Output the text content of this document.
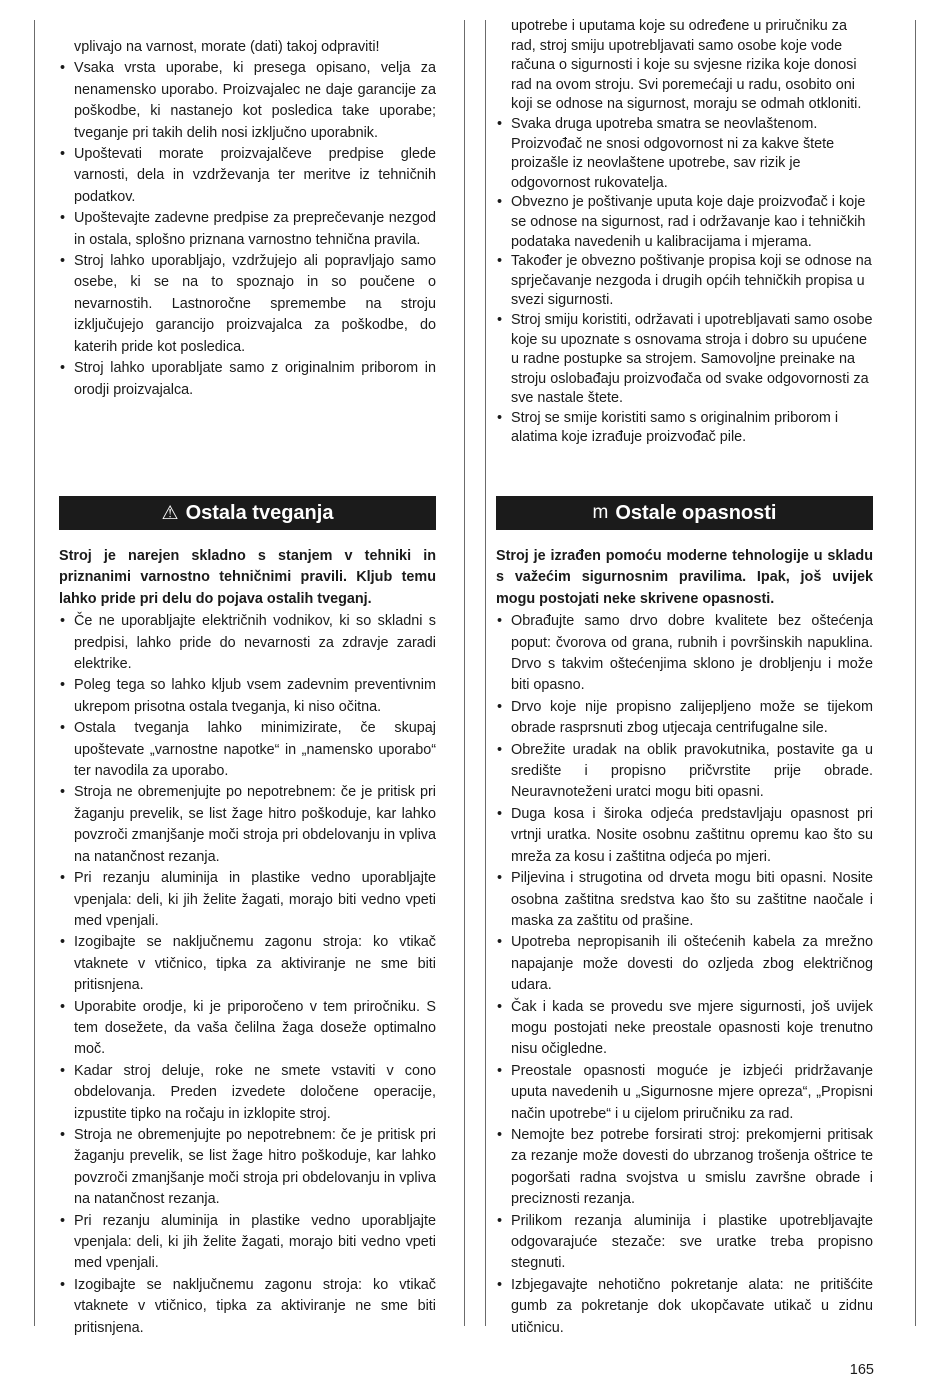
vplivajo na varnost, morate (dati) takoj odpraviti!
• Vsaka vrsta uporabe, ki presega opisano, velja za nenamensko uporabo. Proizvajalec ne daje garancije za poškodbe, ki nastanejo kot posledica take uporabe; tveganje pri takih delih nosi izključno uporabnik.
• Upoštevati morate proizvajalčeve predpise glede varnosti, dela in vzdrževanja ter meritve iz tehničnih podatkov.
• Upoštevajte zadevne predpise za preprečevanje nezgod in ostala, splošno priznana varnostno tehnična pravila.
• Stroj lahko uporabljajo, vzdržujejo ali popravljajo samo osebe, ki se na to spoznajo in so poučene o nevarnostih. Lastnoročne spremembe na stroju izključujejo garancijo proizvajalca za poškodbe, do katerih pride kot posledica.
• Stroj lahko uporabljate samo z originalnim priborom in orodji proizvajalca.
upotrebe i uputama koje su određene u priručniku za rad, stroj smiju upotrebljavati samo osobe koje vode računa o sigurnosti i koje su svjesne rizika koje donosi rad na ovom stroju. Svi poremećaji u radu, osobito oni koji se odnose na sigurnost, moraju se odmah otkloniti.
• Svaka druga upotreba smatra se neovlaštenom. Proizvođač ne snosi odgovornost ni za kakve štete proizašle iz neovlaštene upotrebe, sav rizik je odgovornost rukovatelja.
• Obvezno je poštivanje uputa koje daje proizvođač i koje se odnose na sigurnost, rad i održavanje kao i tehničkih podataka navedenih u kalibracijama i mjerama.
• Također je obvezno poštivanje propisa koji se odnose na sprječavanje nezgoda i drugih općih tehničkih propisa u svezi sigurnosti.
• Stroj smiju koristiti, održavati i upotrebljavati samo osobe koje su upoznate s osnovama stroja i dobro su upućene u radne postupke sa strojem. Samovoljne preinake na stroju oslobađaju proizvođača od svake odgovornosti za sve nastale štete.
• Stroj se smije koristiti samo s originalnim priborom i alatima koje izrađuje proizvođač pile.
⚠ Ostala tveganja	m Ostale opasnosti

Stroj je narejen skladno s stanjem v tehniki in priznanimi varnostno tehničnimi pravili. Kljub temu lahko pride pri delu do pojava ostalih tveganj.

• Če ne uporabljajte električnih vodnikov, ki so skladni s predpisi, lahko pride do nevarnosti za zdravje zaradi elektrike.
• Poleg tega so lahko kljub vsem zadevnim preventivnim ukrepom prisotna ostala tveganja, ki niso očitna.
• Ostala tveganja lahko minimizirate, če skupaj upoštevate „varnostne napotke“ in „namensko uporabo“ ter navodila za uporabo.
• Stroja ne obremenjujte po nepotrebnem: če je pritisk pri žaganju prevelik, se list žage hitro poškoduje, kar lahko povzroči zmanjšanje moči stroja pri obdelovanju in vpliva na natančnost rezanja.
• Pri rezanju aluminija in plastike vedno uporabljajte vpenjala: deli, ki jih želite žagati, morajo biti vedno vpeti med vpenjali.
• Izogibajte se naključnemu zagonu stroja: ko vtikač vtaknete v vtičnico, tipka za aktiviranje ne sme biti pritisnjena.
• Uporabite orodje, ki je priporočeno v tem priročniku. S tem dosežete, da vaša čelilna žaga doseže optimalno moč.
• Kadar stroj deluje, roke ne smete vstaviti v cono obdelovanja. Preden izvedete določene operacije, izpustite tipko na ročaju in izklopite stroj.
• Stroja ne obremenjujte po nepotrebnem: če je pritisk pri žaganju prevelik, se list žage hitro poškoduje, kar lahko povzroči zmanjšanje moči stroja pri obdelovanju in vpliva na natančnost rezanja.
• Pri rezanju aluminija in plastike vedno uporabljajte vpenjala: deli, ki jih želite žagati, morajo biti vedno vpeti med vpenjali.
• Izogibajte se naključnemu zagonu stroja: ko vtikač vtaknete v vtičnico, tipka za aktiviranje ne sme biti pritisnjena.

Stroj je izrađen pomoću moderne tehnologije u skladu s važećim sigurnosnim pravilima. Ipak, još uvijek mogu postojati neke skrivene opasnosti.

• Obrađujte samo drvo dobre kvalitete bez oštećenja poput: čvorova od grana, rubnih i površinskih napuklina. Drvo s takvim oštećenjima sklono je drobljenju i može biti opasno.
• Drvo koje nije propisno zalijepljeno može se tijekom obrade rasprsnuti zbog utjecaja centrifugalne sile.
• Obrežite uradak na oblik pravokutnika, postavite ga u središte i propisno pričvrstite prije obrade. Neuravnoteženi uratci mogu biti opasni.
• Duga kosa i široka odjeća predstavljaju opasnost pri vrtnji uratka. Nosite osobnu zaštitnu opremu kao što su mreža za kosu i zaštitna odjeća po mjeri.
• Piljevina i strugotina od drveta mogu biti opasni. Nosite osobna zaštitna sredstva kao što su zaštitne naočale i maska za zaštitu od prašine.
• Upotreba nepropisanih ili oštećenih kabela za mrežno napajanje može dovesti do ozljeda zbog električnog udara.
• Čak i kada se provedu sve mjere sigurnosti, još uvijek mogu postojati neke preostale opasnosti koje trenutno nisu očigledne.
• Preostale opasnosti moguće je izbjeći pridržavanje uputa navedenih u „Sigurnosne mjere opreza“, „Propisni način upotrebe“ i u cijelom priručniku za rad.
• Nemojte bez potrebe forsirati stroj: prekomjerni pritisak za rezanje može dovesti do ubrzanog trošenja oštrice te pogoršati radna svojstva u smislu završne obrade i preciznosti rezanja.
• Prilikom rezanja aluminija i plastike upotrebljavajte odgovarajuće stezače: sve uratke treba propisno stegnuti.
• Izbjegavajte nehotično pokretanje alata: ne pritišćite gumb za pokretanje dok ukopčavate utikač u zidnu utičnicu.
165
